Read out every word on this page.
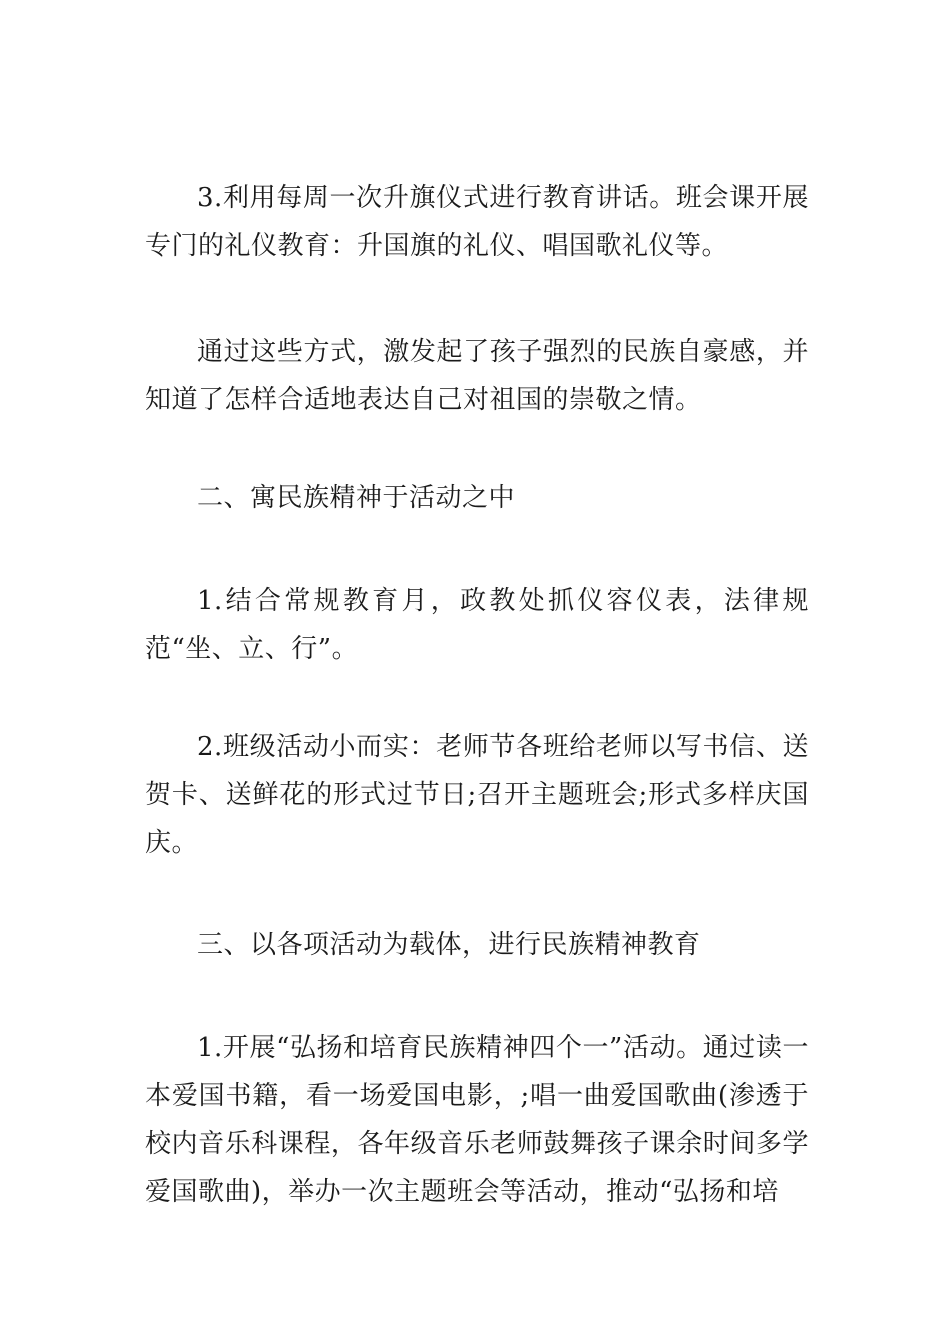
3.利用每周一次升旗仪式进行教育讲话。班会课开展专门的礼仪教育：升国旗的礼仪、唱国歌礼仪等。

通过这些方式，激发起了孩子强烈的民族自豪感，并知道了怎样合适地表达自己对祖国的崇敬之情。

二、寓民族精神于活动之中

1.结合常规教育月，政教处抓仪容仪表，法律规范“坐、立、行”。

2.班级活动小而实：老师节各班给老师以写书信、送贺卡、送鲜花的形式过节日;召开主题班会;形式多样庆国庆。

三、以各项活动为载体，进行民族精神教育

1.开展“弘扬和培育民族精神四个一”活动。通过读一本爱国书籍，看一场爱国电影，;唱一曲爱国歌曲(渗透于校内音乐科课程，各年级音乐老师鼓舞孩子课余时间多学爱国歌曲)，举办一次主题班会等活动，推动“弘扬和培
